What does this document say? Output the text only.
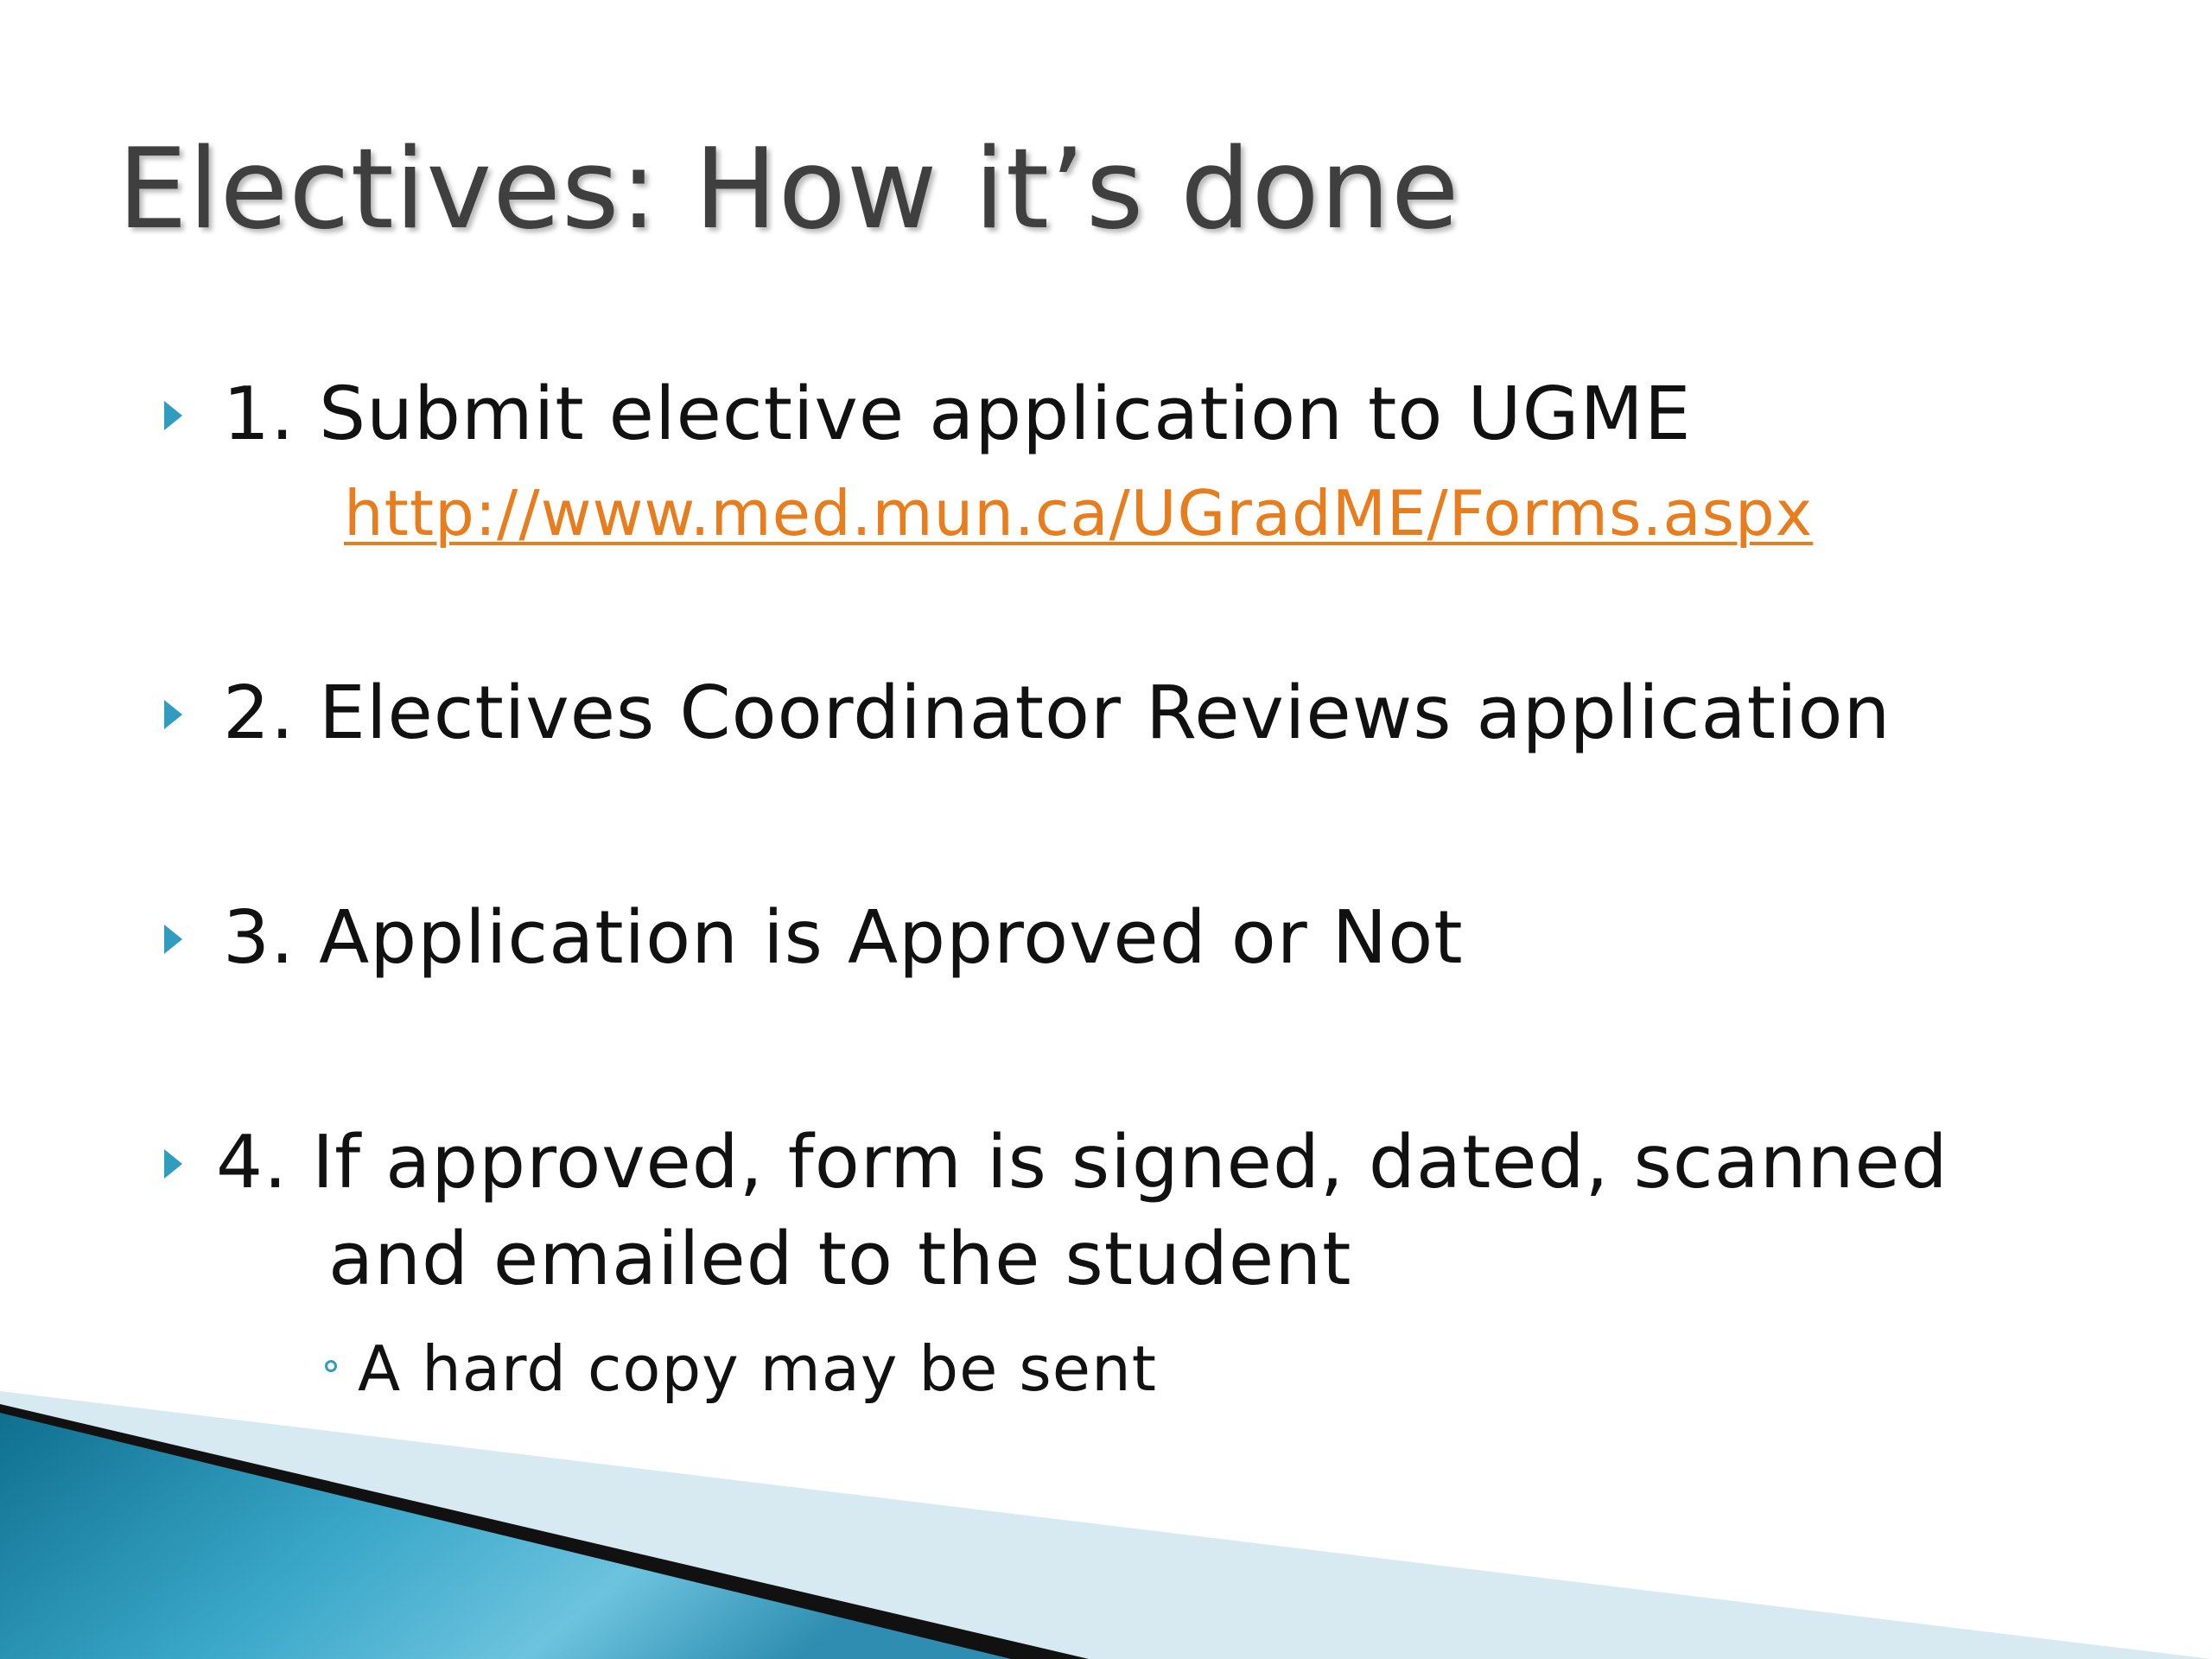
Electives: How it’s done
1. Submit elective application to UGME
http://www.med.mun.ca/UGradME/Forms.aspx
2. Electives Coordinator Reviews application
3. Application is Approved or Not
4. If approved, form is signed, dated, scanned
and emailed to the student
A hard copy may be sent
